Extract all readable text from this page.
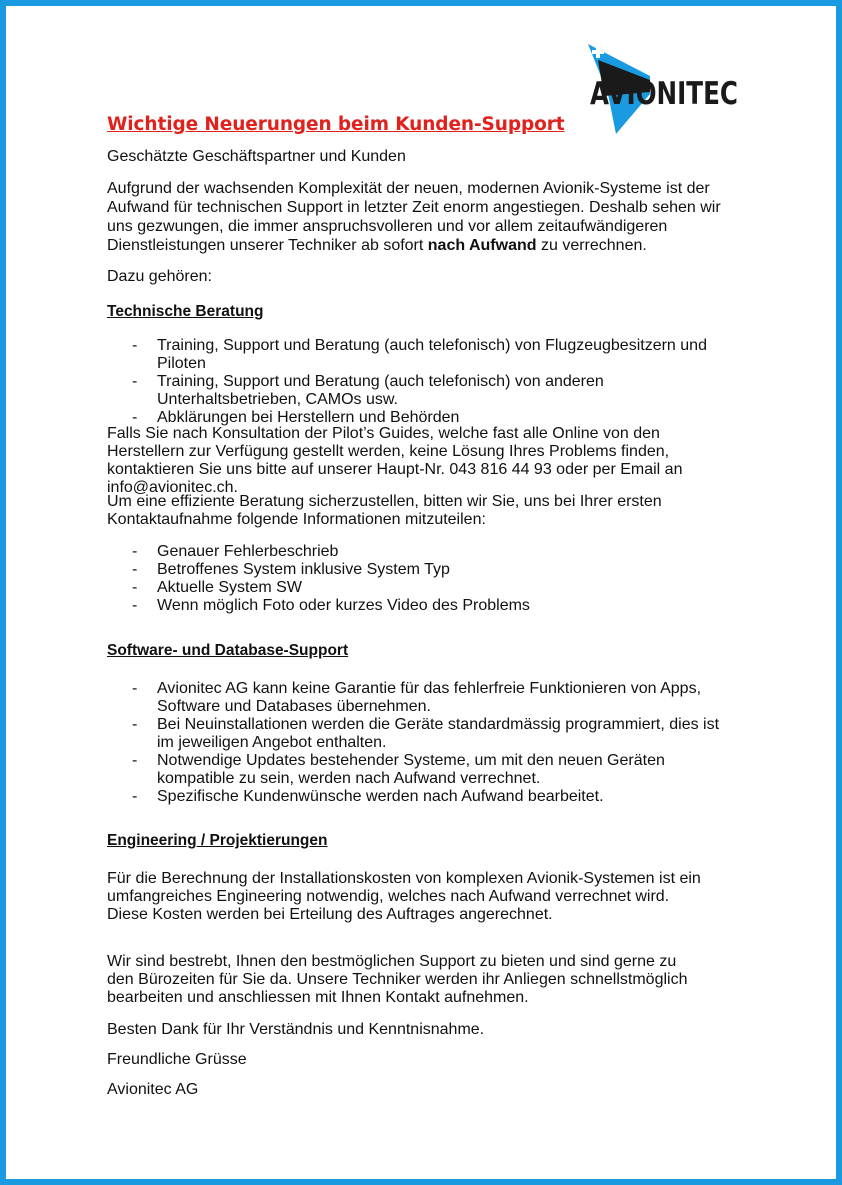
AVIONITEC
Wichtige Neuerungen beim Kunden-Support

Geschätzte Geschäftspartner und Kunden

Aufgrund der wachsenden Komplexität der neuen, modernen Avionik-Systeme ist der Aufwand für technischen Support in letzter Zeit enorm angestiegen. Deshalb sehen wir uns gezwungen, die immer anspruchsvolleren und vor allem zeitaufwändigeren Dienstleistungen unserer Techniker ab sofort nach Aufwand zu verrechnen.

Dazu gehören:

Technische Beratung
- Training, Support und Beratung (auch telefonisch) von Flugzeugbesitzern und Piloten
- Training, Support und Beratung (auch telefonisch) von anderen Unterhaltsbetrieben, CAMOs usw.
- Abklärungen bei Herstellern und Behörden

Falls Sie nach Konsultation der Pilot’s Guides, welche fast alle Online von den Herstellern zur Verfügung gestellt werden, keine Lösung Ihres Problems finden, kontaktieren Sie uns bitte auf unserer Haupt-Nr. 043 816 44 93 oder per Email an info@avionitec.ch.

Um eine effiziente Beratung sicherzustellen, bitten wir Sie, uns bei Ihrer ersten Kontaktaufnahme folgende Informationen mitzuteilen:

- Genauer Fehlerbeschrieb
- Betroffenes System inklusive System Typ
- Aktuelle System SW
- Wenn möglich Foto oder kurzes Video des Problems
Software- und Database-Support
- Avionitec AG kann keine Garantie für das fehlerfreie Funktionieren von Apps, Software und Databases übernehmen.
- Bei Neuinstallationen werden die Geräte standardmässig programmiert, dies ist im jeweiligen Angebot enthalten.
- Notwendige Updates bestehender Systeme, um mit den neuen Geräten kompatible zu sein, werden nach Aufwand verrechnet.
- Spezifische Kundenwünsche werden nach Aufwand bearbeitet.
Engineering / Projektierungen

Für die Berechnung der Installationskosten von komplexen Avionik-Systemen ist ein umfangreiches Engineering notwendig, welches nach Aufwand verrechnet wird. Diese Kosten werden bei Erteilung des Auftrages angerechnet.

Wir sind bestrebt, Ihnen den bestmöglichen Support zu bieten und sind gerne zu den Bürozeiten für Sie da. Unsere Techniker werden ihr Anliegen schnellstmöglich bearbeiten und anschliessen mit Ihnen Kontakt aufnehmen.

Besten Dank für Ihr Verständnis und Kenntnisnahme.

Freundliche Grüsse

Avionitec AG
